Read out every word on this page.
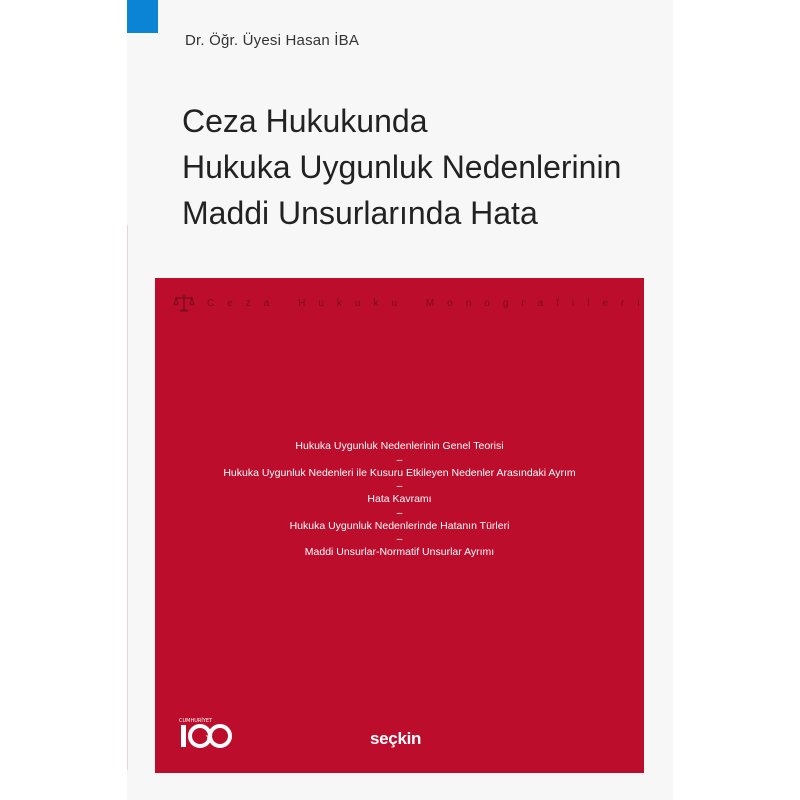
Dr. Öğr. Üyesi Hasan İBA
Ceza Hukukunda
Hukuka Uygunluk Nedenlerinin
Maddi Unsurlarında Hata
Ceza Hukuku Monografileri
Hukuka Uygunluk Nedenlerinin Genel Teorisi
–
Hukuka Uygunluk Nedenleri ile Kusuru Etkileyen Nedenler Arasındaki Ayrım
–
Hata Kavramı
–
Hukuka Uygunluk Nedenlerinde Hatanın Türleri
–
Maddi Unsurlar-Normatif Unsurlar Ayrımı
CUMHURİYET
seçkin
